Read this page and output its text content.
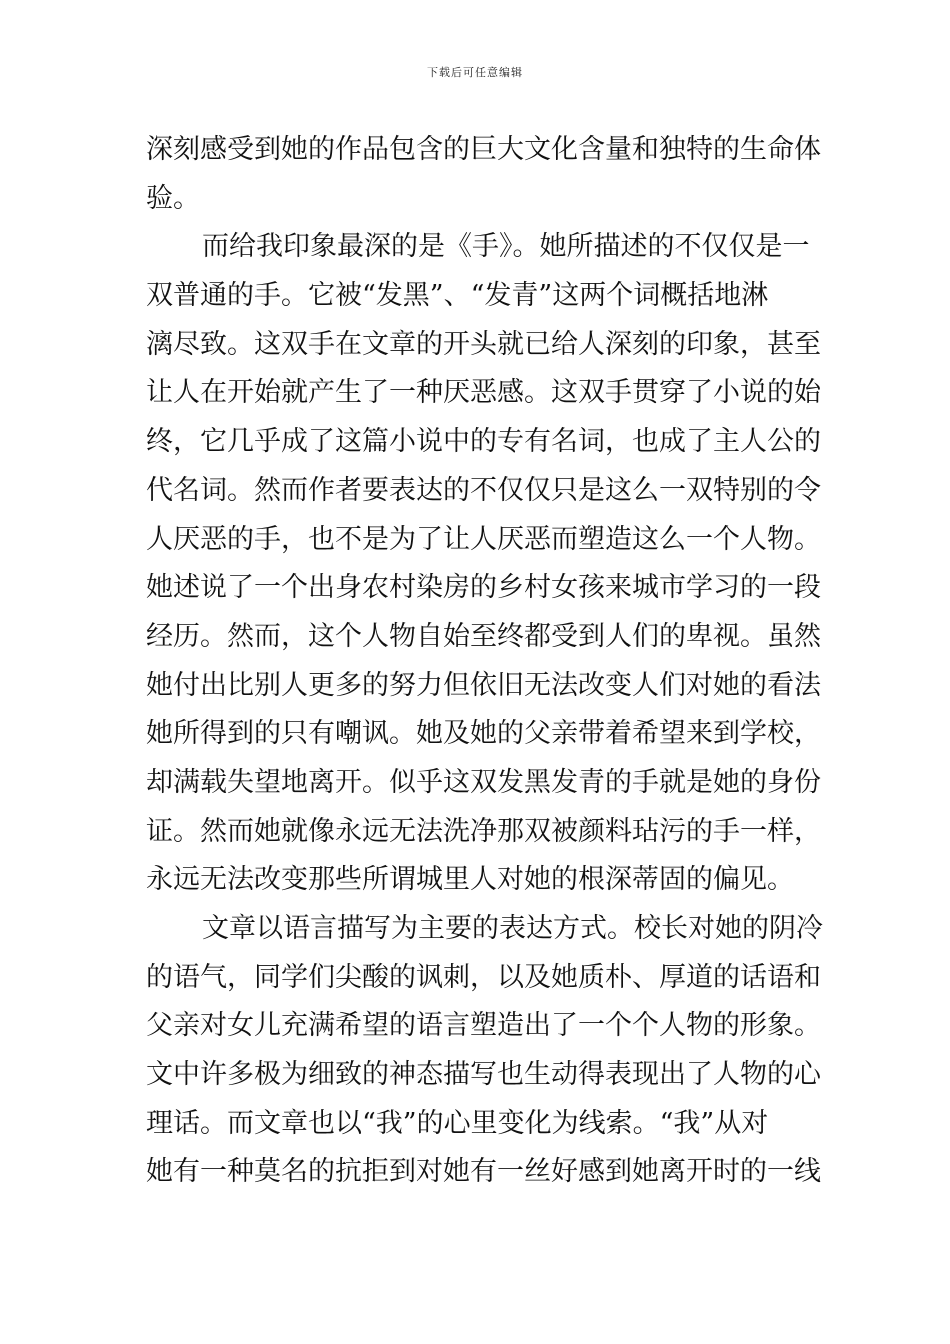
下载后可任意编辑
深刻感受到她的作品包含的巨大文化含量和独特的生命体
验。
而给我印象最深的是《手》。她所描述的不仅仅是一
双普通的手。它被“发黑”、“发青”这两个词概括地淋
漓尽致。这双手在文章的开头就已给人深刻的印象，甚至
让人在开始就产生了一种厌恶感。这双手贯穿了小说的始
终，它几乎成了这篇小说中的专有名词，也成了主人公的
代名词。然而作者要表达的不仅仅只是这么一双特别的令
人厌恶的手，也不是为了让人厌恶而塑造这么一个人物。
她述说了一个出身农村染房的乡村女孩来城市学习的一段
经历。然而，这个人物自始至终都受到人们的卑视。虽然
她付出比别人更多的努力但依旧无法改变人们对她的看法
她所得到的只有嘲讽。她及她的父亲带着希望来到学校，
却满载失望地离开。似乎这双发黑发青的手就是她的身份
证。然而她就像永远无法洗净那双被颜料玷污的手一样，
永远无法改变那些所谓城里人对她的根深蒂固的偏见。
文章以语言描写为主要的表达方式。校长对她的阴冷
的语气，同学们尖酸的讽刺，以及她质朴、厚道的话语和
父亲对女儿充满希望的语言塑造出了一个个人物的形象。
文中许多极为细致的神态描写也生动得表现出了人物的心
理话。而文章也以“我”的心里变化为线索。“我”从对
她有一种莫名的抗拒到对她有一丝好感到她离开时的一线
